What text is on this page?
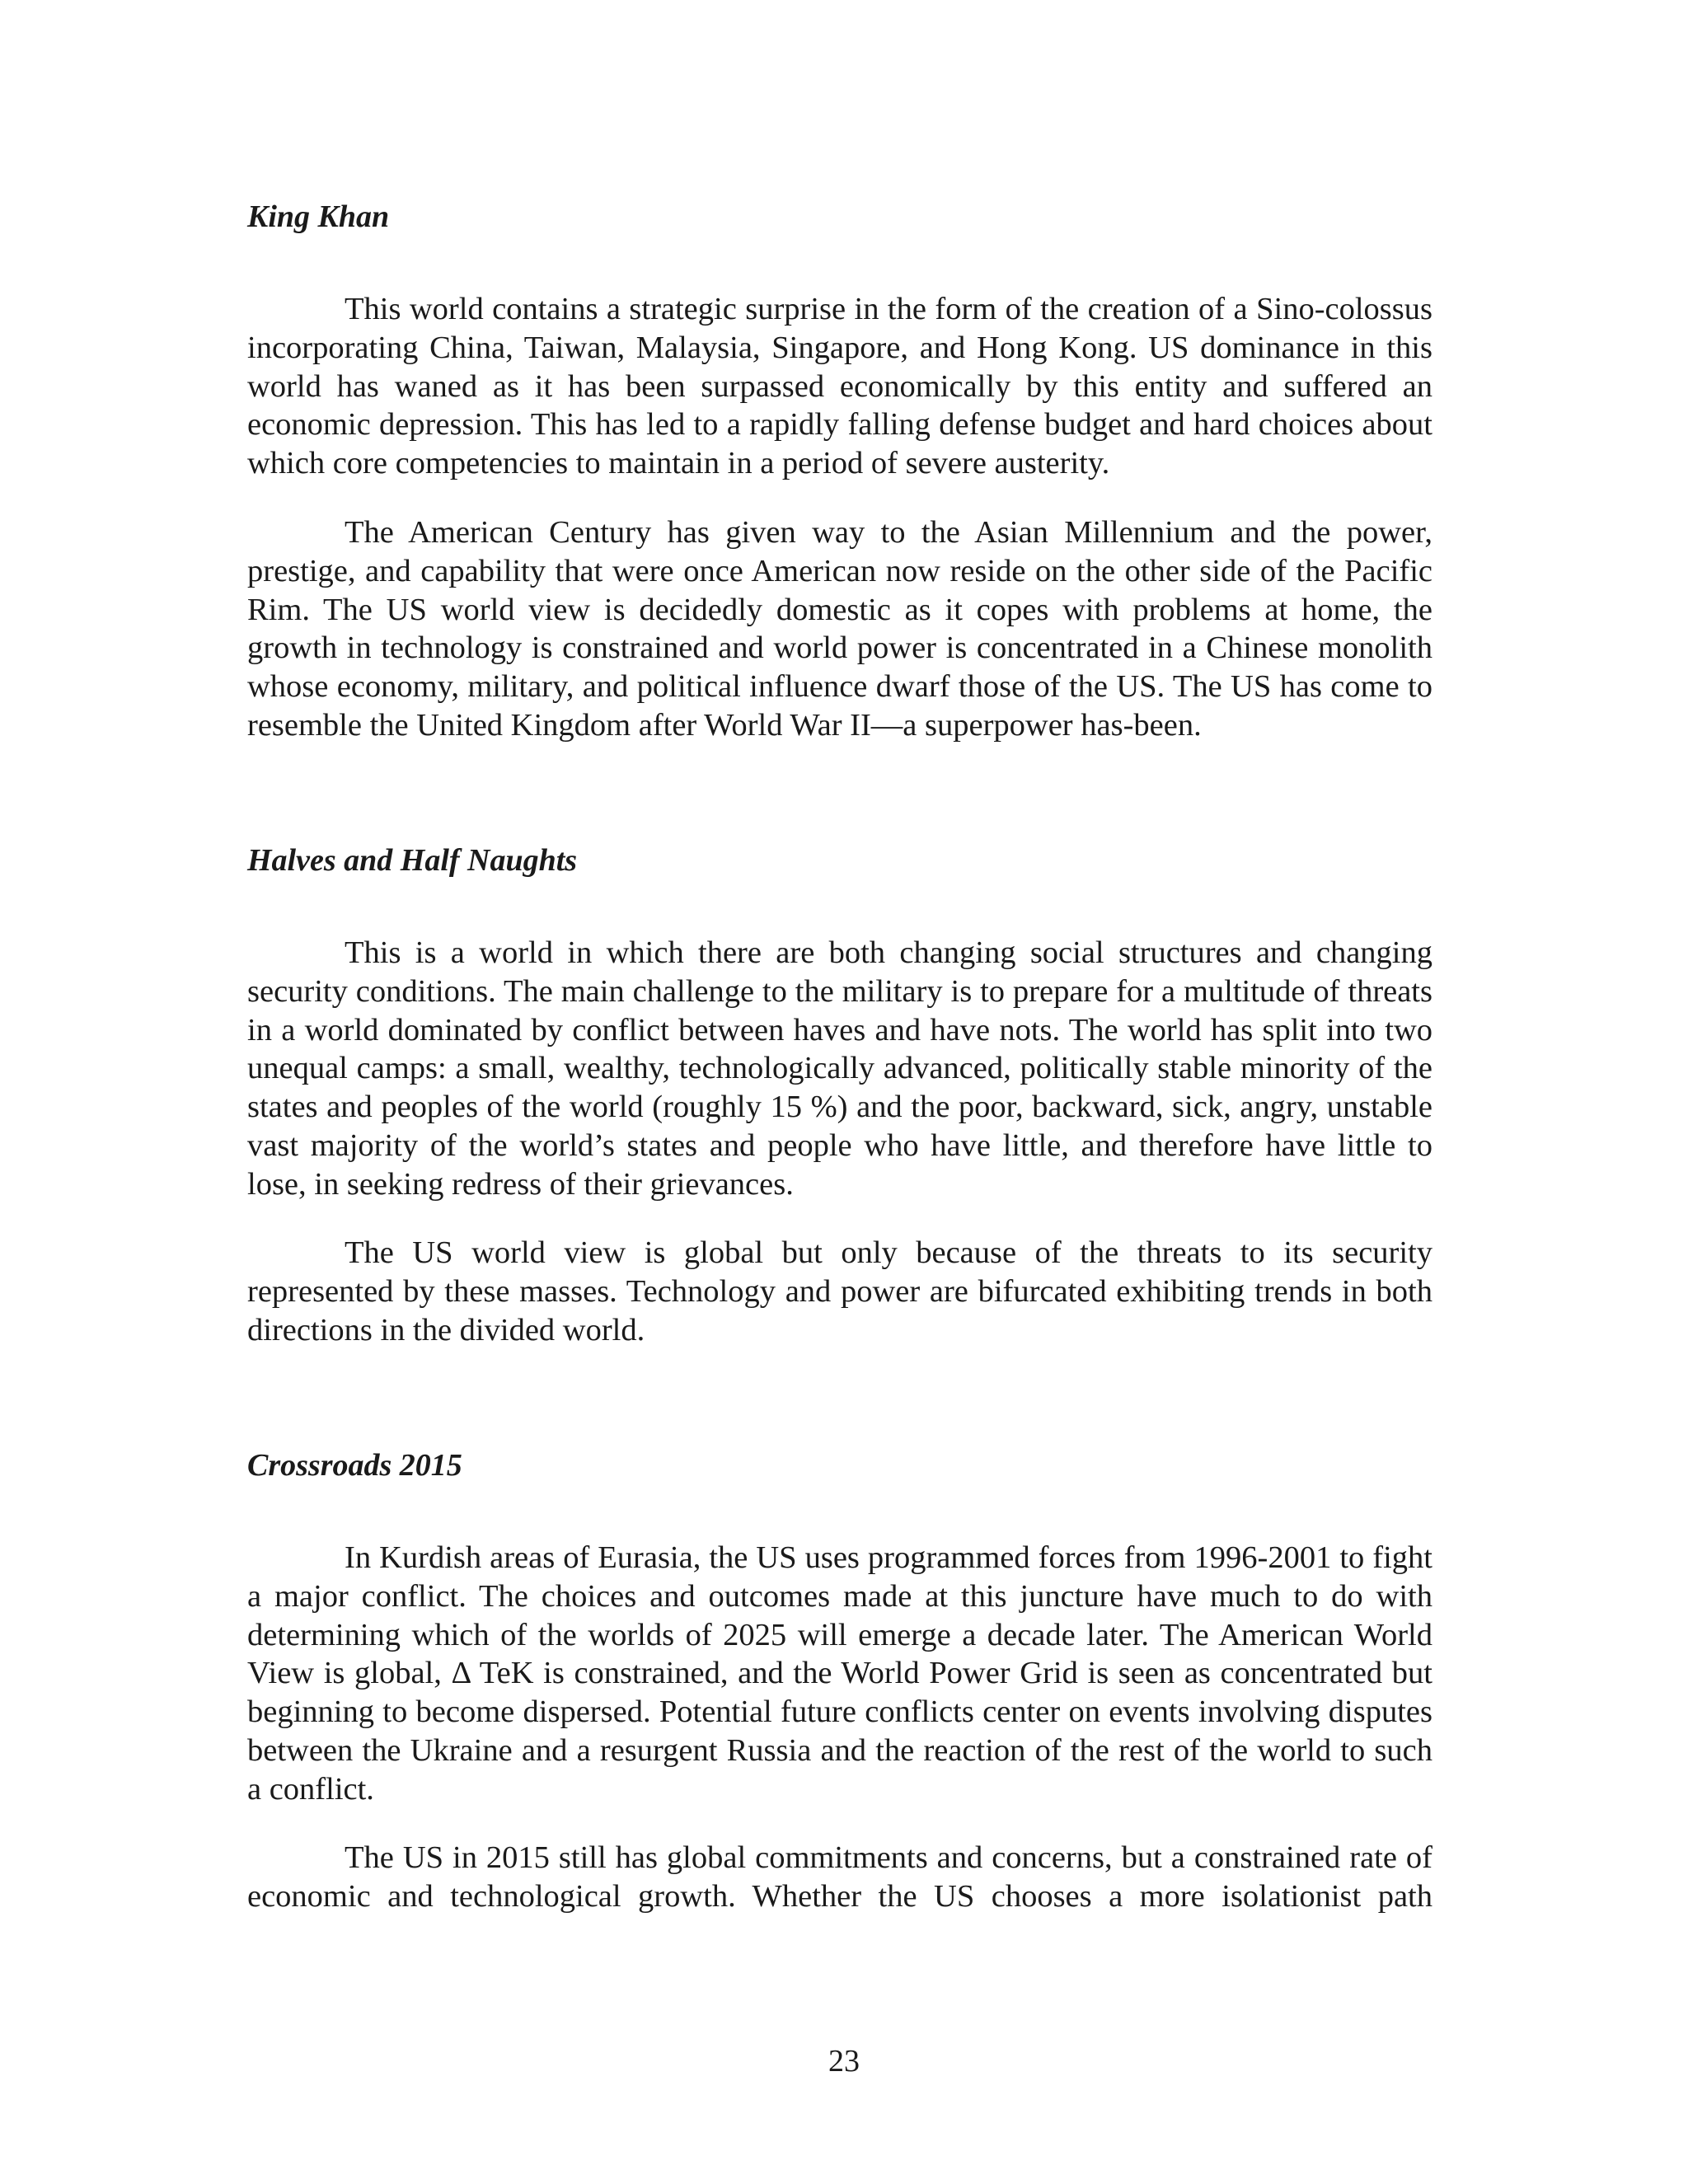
King Khan

This world contains a strategic surprise in the form of the creation of a Sino-colossus incorporating China, Taiwan, Malaysia, Singapore, and Hong Kong. US dominance in this world has waned as it has been surpassed economically by this entity and suffered an economic depression. This has led to a rapidly falling defense budget and hard choices about which core competencies to maintain in a period of severe austerity.

The American Century has given way to the Asian Millennium and the power, prestige, and capability that were once American now reside on the other side of the Pacific Rim. The US world view is decidedly domestic as it copes with problems at home, the growth in technology is constrained and world power is concentrated in a Chinese monolith whose economy, military, and political influence dwarf those of the US. The US has come to resemble the United Kingdom after World War II—a superpower has-been.

Halves and Half Naughts

This is a world in which there are both changing social structures and changing security conditions. The main challenge to the military is to prepare for a multitude of threats in a world dominated by conflict between haves and have nots. The world has split into two unequal camps: a small, wealthy, technologically advanced, politically stable minority of the states and peoples of the world (roughly 15 %) and the poor, backward, sick, angry, unstable vast majority of the world’s states and people who have little, and therefore have little to lose, in seeking redress of their grievances.

The US world view is global but only because of the threats to its security represented by these masses. Technology and power are bifurcated exhibiting trends in both directions in the divided world.

Crossroads 2015

In Kurdish areas of Eurasia, the US uses programmed forces from 1996-2001 to fight a major conflict. The choices and outcomes made at this juncture have much to do with determining which of the worlds of 2025 will emerge a decade later. The American World View is global, Δ TeK is constrained, and the World Power Grid is seen as concentrated but beginning to become dispersed. Potential future conflicts center on events involving disputes between the Ukraine and a resurgent Russia and the reaction of the rest of the world to such a conflict.

The US in 2015 still has global commitments and concerns, but a constrained rate of economic and technological growth. Whether the US chooses a more isolationist path

23
